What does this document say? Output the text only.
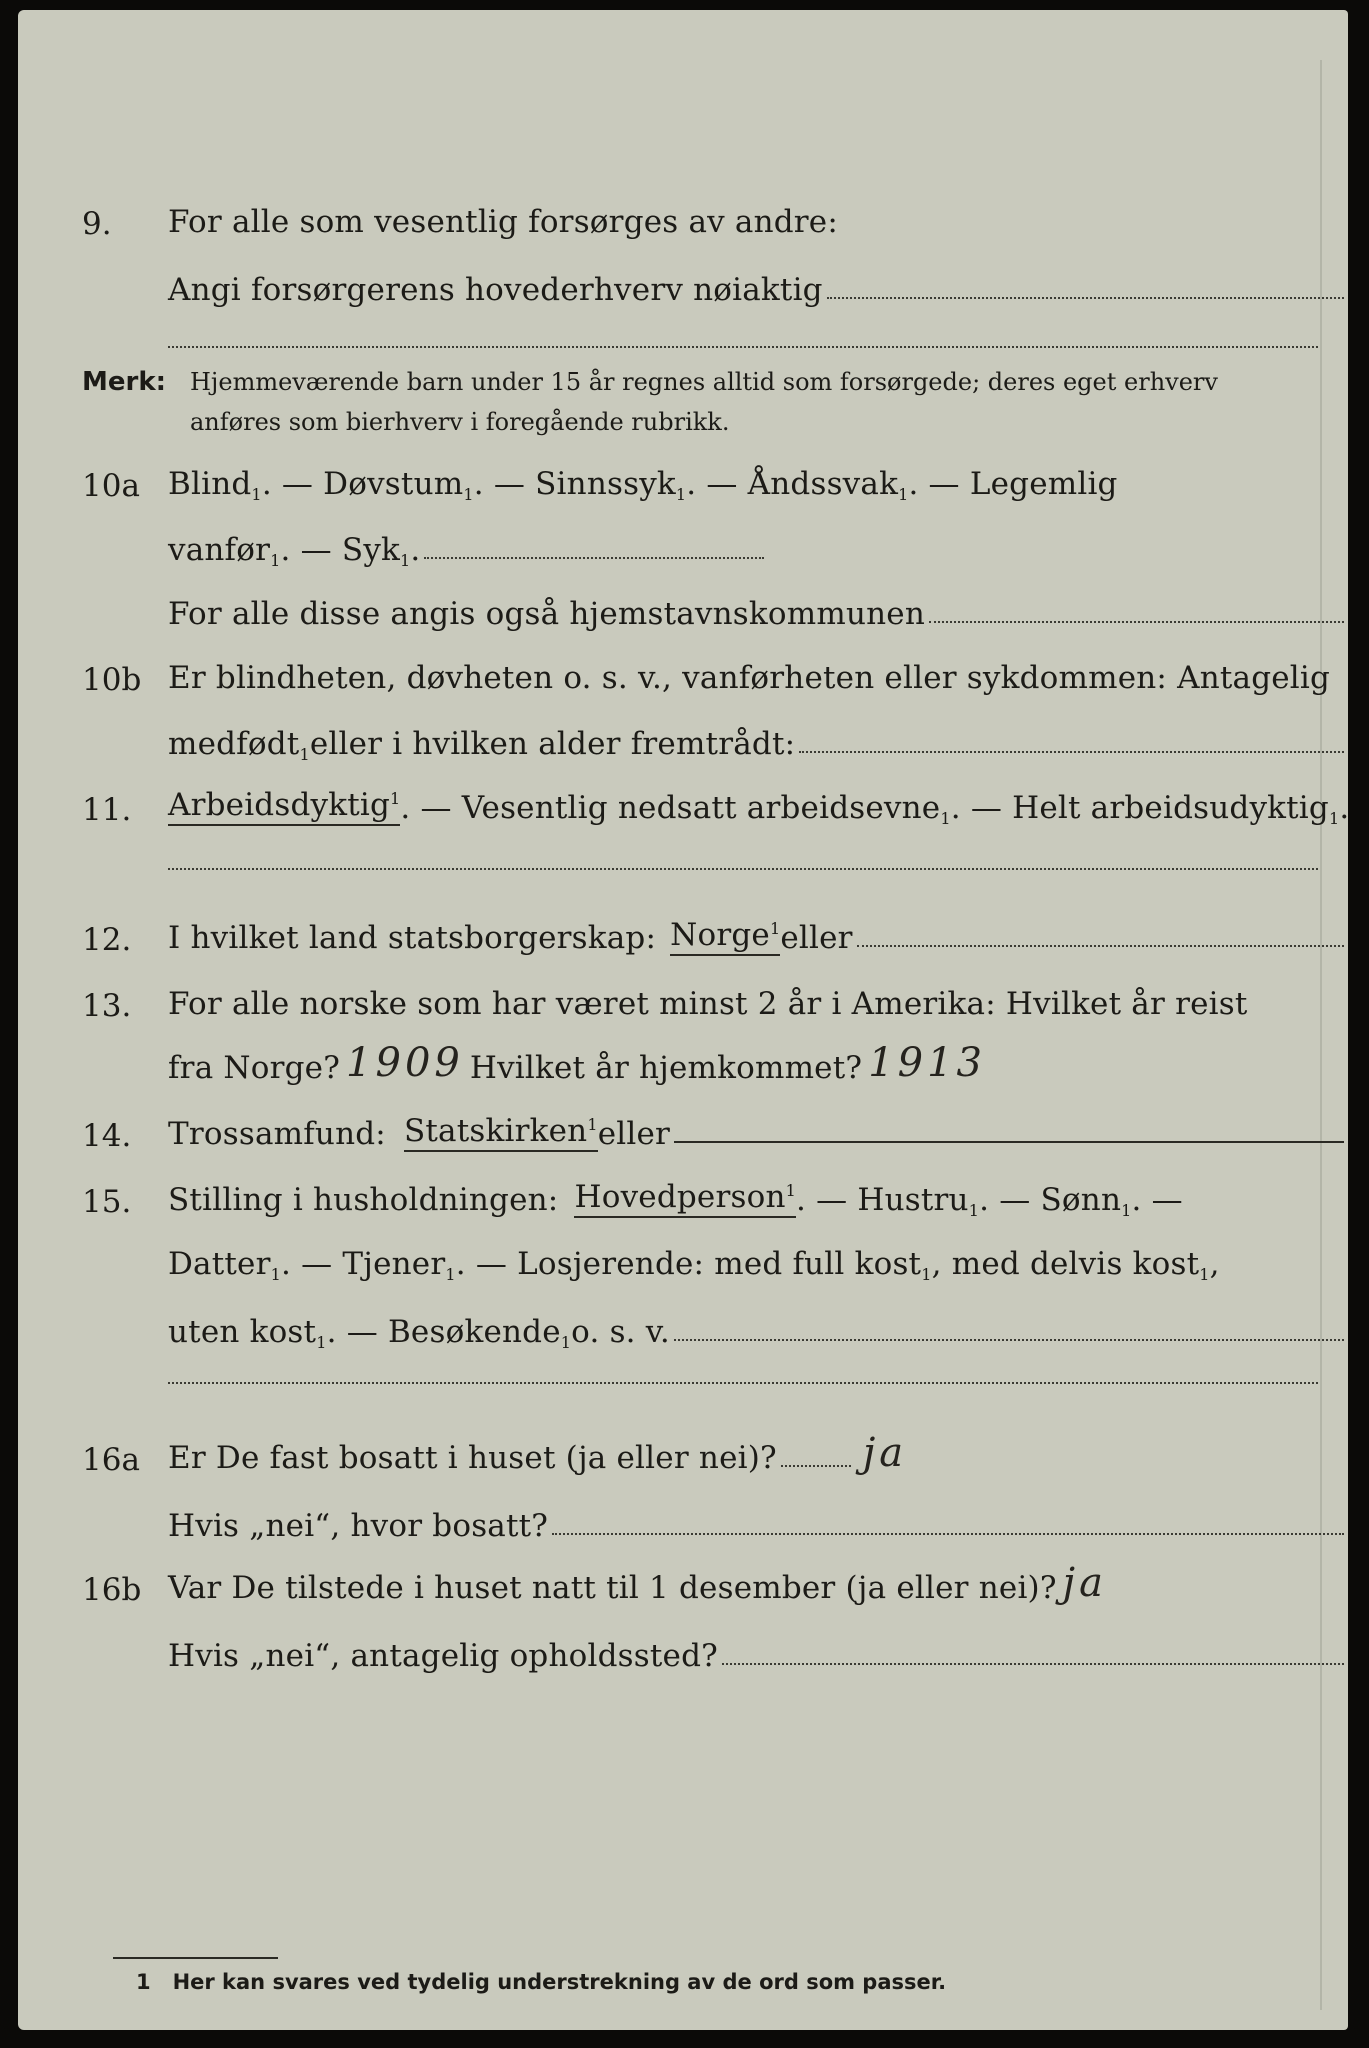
9.	For alle som vesentlig forsørges av andre:
Angi forsørgerens hovederhverv nøiaktig
Merk: Hjemmeværende barn under 15 år regnes alltid som forsørgede; deres eget erhverv
anføres som bierhverv i foregående rubrikk.
10a Blind$^1$ . — Døvstum$^1$ . — Sinnssyk$^1$ . — Åndssvak$^1$ . — Legemlig
vanfør$^1$ . — Syk$^1$ .
For alle disse angis også hjemstavnskommunen
10b Er blindheten, døvheten o. s. v., vanførheten eller sykdommen: Antagelig
medfødt$^1$ eller i hvilken alder fremtrådt:
11.	Arbeidsdyktig$^1$ . — Vesentlig nedsatt arbeidsevne$^1$ . — Helt arbeidsudyktig$^1$ .
12.	I hvilket land statsborgerskap: Norge$^1$ eller
13.	For alle norske som har været minst 2 år i Amerika: Hvilket år reist
fra Norge? 1909 Hvilket år hjemkommet? 1913
14.	Trossamfund: Statskirken$^1$ eller
15.	Stilling i husholdningen: Hovedperson$^1$ . — Hustru$^1$ . — Sønn$^1$ . —
Datter$^1$ . — Tjener$^1$ . — Losjerende: med full kost$^1$ , med delvis kost$^1$ ,
uten kost$^1$ . — Besøkende$^1$ o. s. v.
16a Er De fast bosatt i huset (ja eller nei)? ja
Hvis „nei“, hvor bosatt?
16b Var De tilstede i huset natt til 1 desember (ja eller nei)? ja
Hvis „nei“, antagelig opholdssted?
1 Her kan svares ved tydelig understrekning av de ord som passer.
